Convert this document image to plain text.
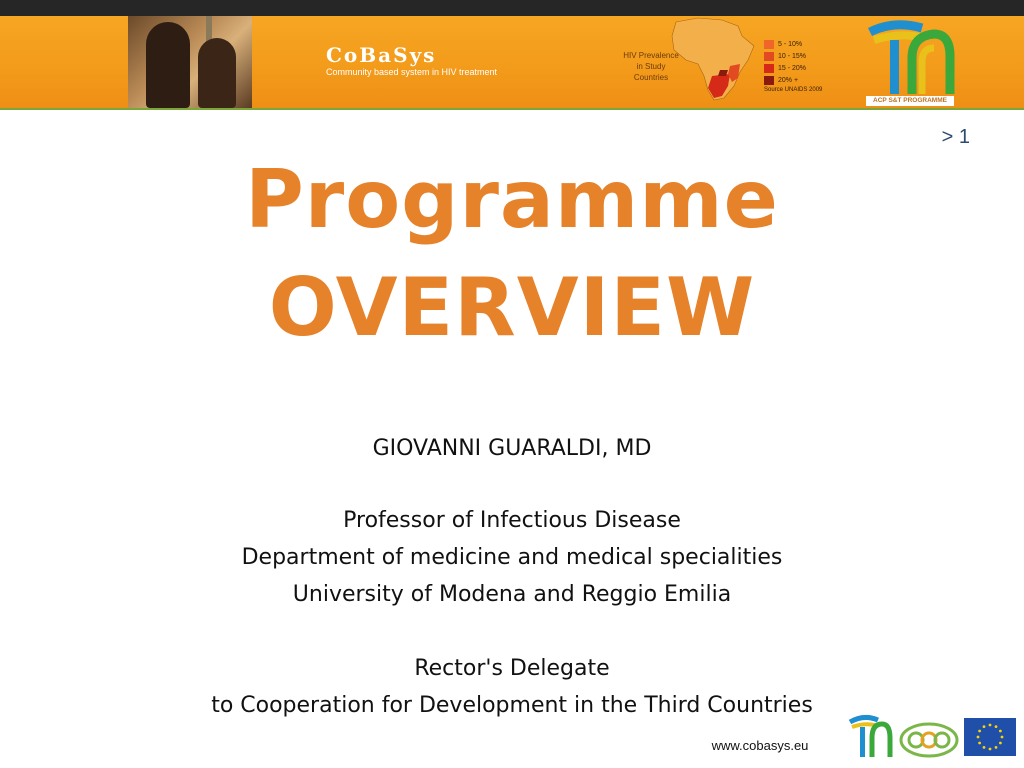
CoBaSys
Community based system in HIV treatment
HIV Prevalence
in Study
Countries
5 - 10%
10 - 15%
15 - 20%
20% +
Source UNAIDS 2009
ACP S&T PROGRAMME
> 1
Programme
OVERVIEW
GIOVANNI GUARALDI, MD
Professor of Infectious Disease
Department of medicine and medical specialities
University of Modena and Reggio Emilia
Rector's Delegate
to Cooperation for Development in the Third Countries
www.cobasys.eu
